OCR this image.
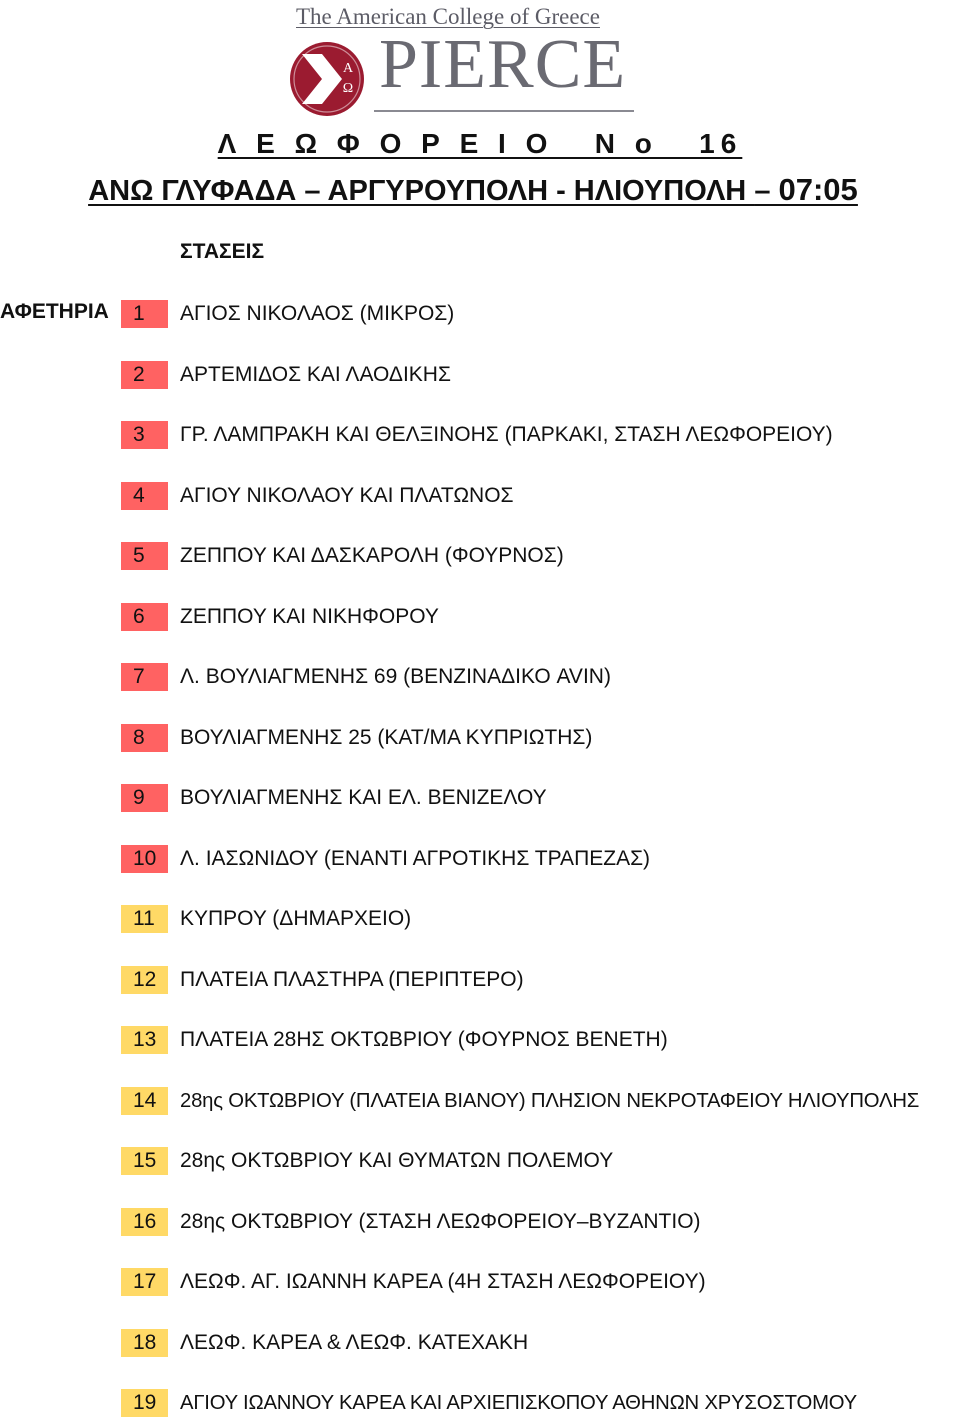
The American College of Greece
A
Ω PIERCE
Λ Ε Ω Φ Ο Ρ Ε Ι Ο   Ν ο   16
ΑΝΩ ΓΛΥΦΑΔΑ – ΑΡΓΥΡΟΥΠΟΛΗ - ΗΛΙΟΥΠΟΛΗ – 07:05
ΣΤΑΣΕΙΣ
ΑΦΕΤΗΡΙΑ	1	ΑΓΙΟΣ ΝΙΚΟΛΑΟΣ (ΜΙΚΡΟΣ)
2	ΑΡΤΕΜΙΔΟΣ ΚΑΙ ΛΑΟΔΙΚΗΣ
3	ΓΡ. ΛΑΜΠΡΑΚΗ ΚΑΙ ΘΕΛΞΙΝΟΗΣ (ΠΑΡΚΑΚΙ, ΣΤΑΣΗ ΛΕΩΦΟΡΕΙΟΥ)
4	ΑΓΙΟΥ ΝΙΚΟΛΑΟΥ ΚΑΙ ΠΛΑΤΩΝΟΣ
5	ΖΕΠΠΟΥ ΚΑΙ ΔΑΣΚΑΡΟΛΗ (ΦΟΥΡΝΟΣ)
6	ΖΕΠΠΟΥ ΚΑΙ ΝΙΚΗΦΟΡΟΥ
7	Λ. ΒΟΥΛΙΑΓΜΕΝΗΣ 69 (ΒΕΝΖΙΝΑΔΙΚΟ AVIN)
8	ΒΟΥΛΙΑΓΜΕΝΗΣ 25 (ΚΑΤ/ΜΑ ΚΥΠΡΙΩΤΗΣ)
9	ΒΟΥΛΙΑΓΜΕΝΗΣ ΚΑΙ ΕΛ. ΒΕΝΙΖΕΛΟΥ
10	Λ. ΙΑΣΩΝΙΔΟΥ (ΕΝΑΝΤΙ ΑΓΡΟΤΙΚΗΣ ΤΡΑΠΕΖΑΣ)
11	ΚΥΠΡΟΥ (ΔΗΜΑΡΧΕΙΟ)
12	ΠΛΑΤΕΙΑ ΠΛΑΣΤΗΡΑ (ΠΕΡΙΠΤΕΡΟ)
13	ΠΛΑΤΕΙΑ 28ΗΣ ΟΚΤΩΒΡΙΟΥ (ΦΟΥΡΝΟΣ ΒΕΝΕΤΗ)
14	28ης ΟΚΤΩΒΡΙΟΥ (ΠΛΑΤΕΙΑ ΒΙΑΝΟΥ) ΠΛΗΣΙΟΝ ΝΕΚΡΟΤΑΦΕΙΟΥ ΗΛΙΟΥΠΟΛΗΣ
15	28ης ΟΚΤΩΒΡΙΟΥ ΚΑΙ ΘΥΜΑΤΩΝ ΠΟΛΕΜΟΥ
16	28ης ΟΚΤΩΒΡΙΟΥ (ΣΤΑΣΗ ΛΕΩΦΟΡΕΙΟΥ–ΒΥΖΑΝΤΙΟ)
17	ΛΕΩΦ. ΑΓ. ΙΩΑΝΝΗ ΚΑΡΕΑ (4Η ΣΤΑΣΗ ΛΕΩΦΟΡΕΙΟΥ)
18	ΛΕΩΦ. ΚΑΡΕΑ & ΛΕΩΦ. ΚΑΤΕΧΑΚΗ
19	ΑΓΙΟΥ ΙΩΑΝΝΟΥ ΚΑΡΕΑ ΚΑΙ ΑΡΧΙΕΠΙΣΚΟΠΟΥ ΑΘΗΝΩΝ ΧΡΥΣΟΣΤΟΜΟΥ
